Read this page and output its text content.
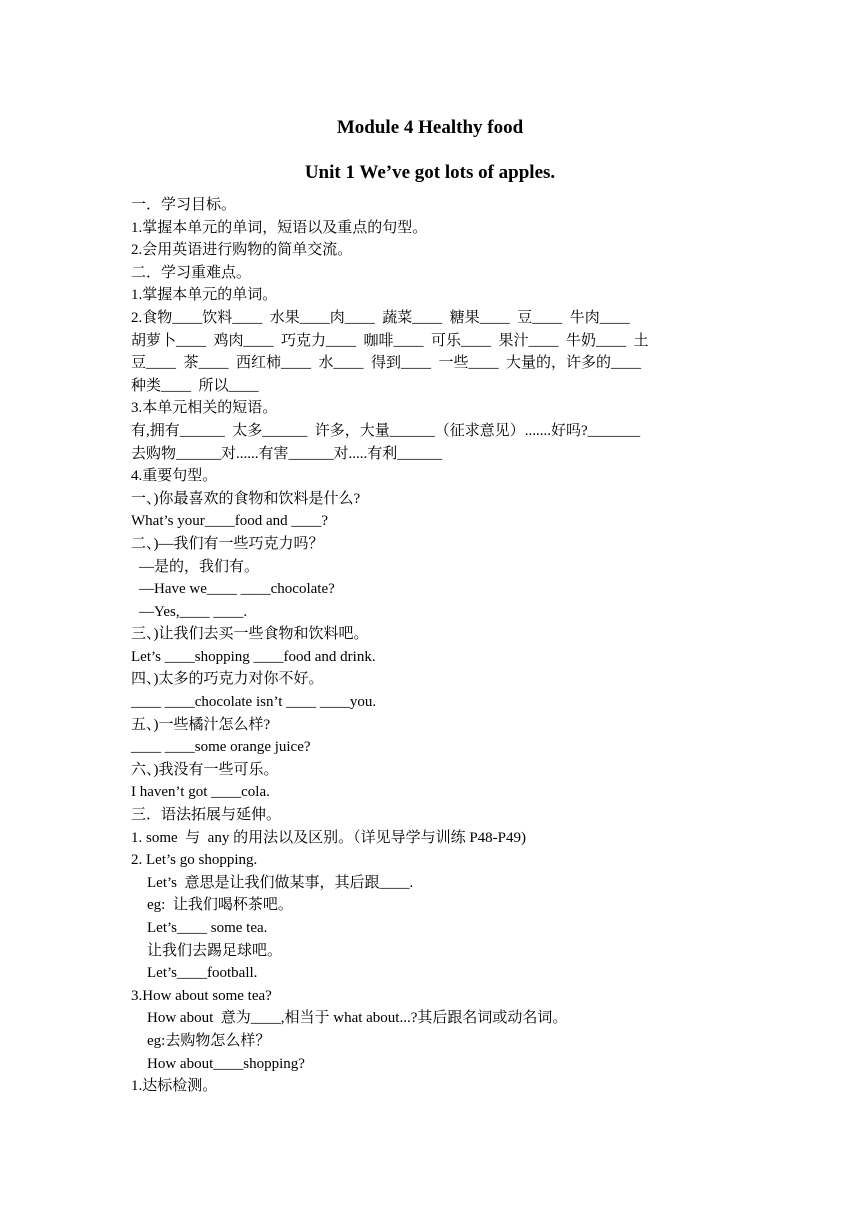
Module 4 Healthy food
Unit 1 We’ve got lots of apples.
一．学习目标。
1.掌握本单元的单词，短语以及重点的句型。
2.会用英语进行购物的简单交流。
二．学习重难点。
1.掌握本单元的单词。
2.食物____饮料____  水果____肉____  蔬菜____  糖果____  豆____  牛肉____
胡萝卜____  鸡肉____  巧克力____  咖啡____  可乐____  果汁____  牛奶____  土
豆____  茶____  西红柿____  水____  得到____  一些____  大量的，许多的____
种类____  所以____
3.本单元相关的短语。
有,拥有______  太多______  许多，大量______（征求意见）.......好吗?_______
去购物______对......有害______对.....有利______
4.重要句型。
一、)你最喜欢的食物和饮料是什么?
What’s your____food and ____?
二、)—我们有一些巧克力吗？
—是的，我们有。
—Have we____ ____chocolate?
—Yes,____ ____.
三、)让我们去买一些食物和饮料吧。
Let’s ____shopping ____food and drink.
四、)太多的巧克力对你不好。
____ ____chocolate isn’t ____ ____you.
五、)一些橘汁怎么样?
____ ____some orange juice?
六、)我没有一些可乐。
I haven’t got ____cola.
三．语法拓展与延伸。
1. some  与  any 的用法以及区别。（详见导学与训练 P48-P49)
2. Let’s go shopping.
Let’s  意思是让我们做某事，其后跟____.
eg:  让我们喝杯茶吧。
Let’s____ some tea.
让我们去踢足球吧。
Let’s____football.
3.How about some tea?
How about  意为____,相当于 what about...?其后跟名词或动名词。
eg:去购物怎么样？
How about____shopping?
1.达标检测。
